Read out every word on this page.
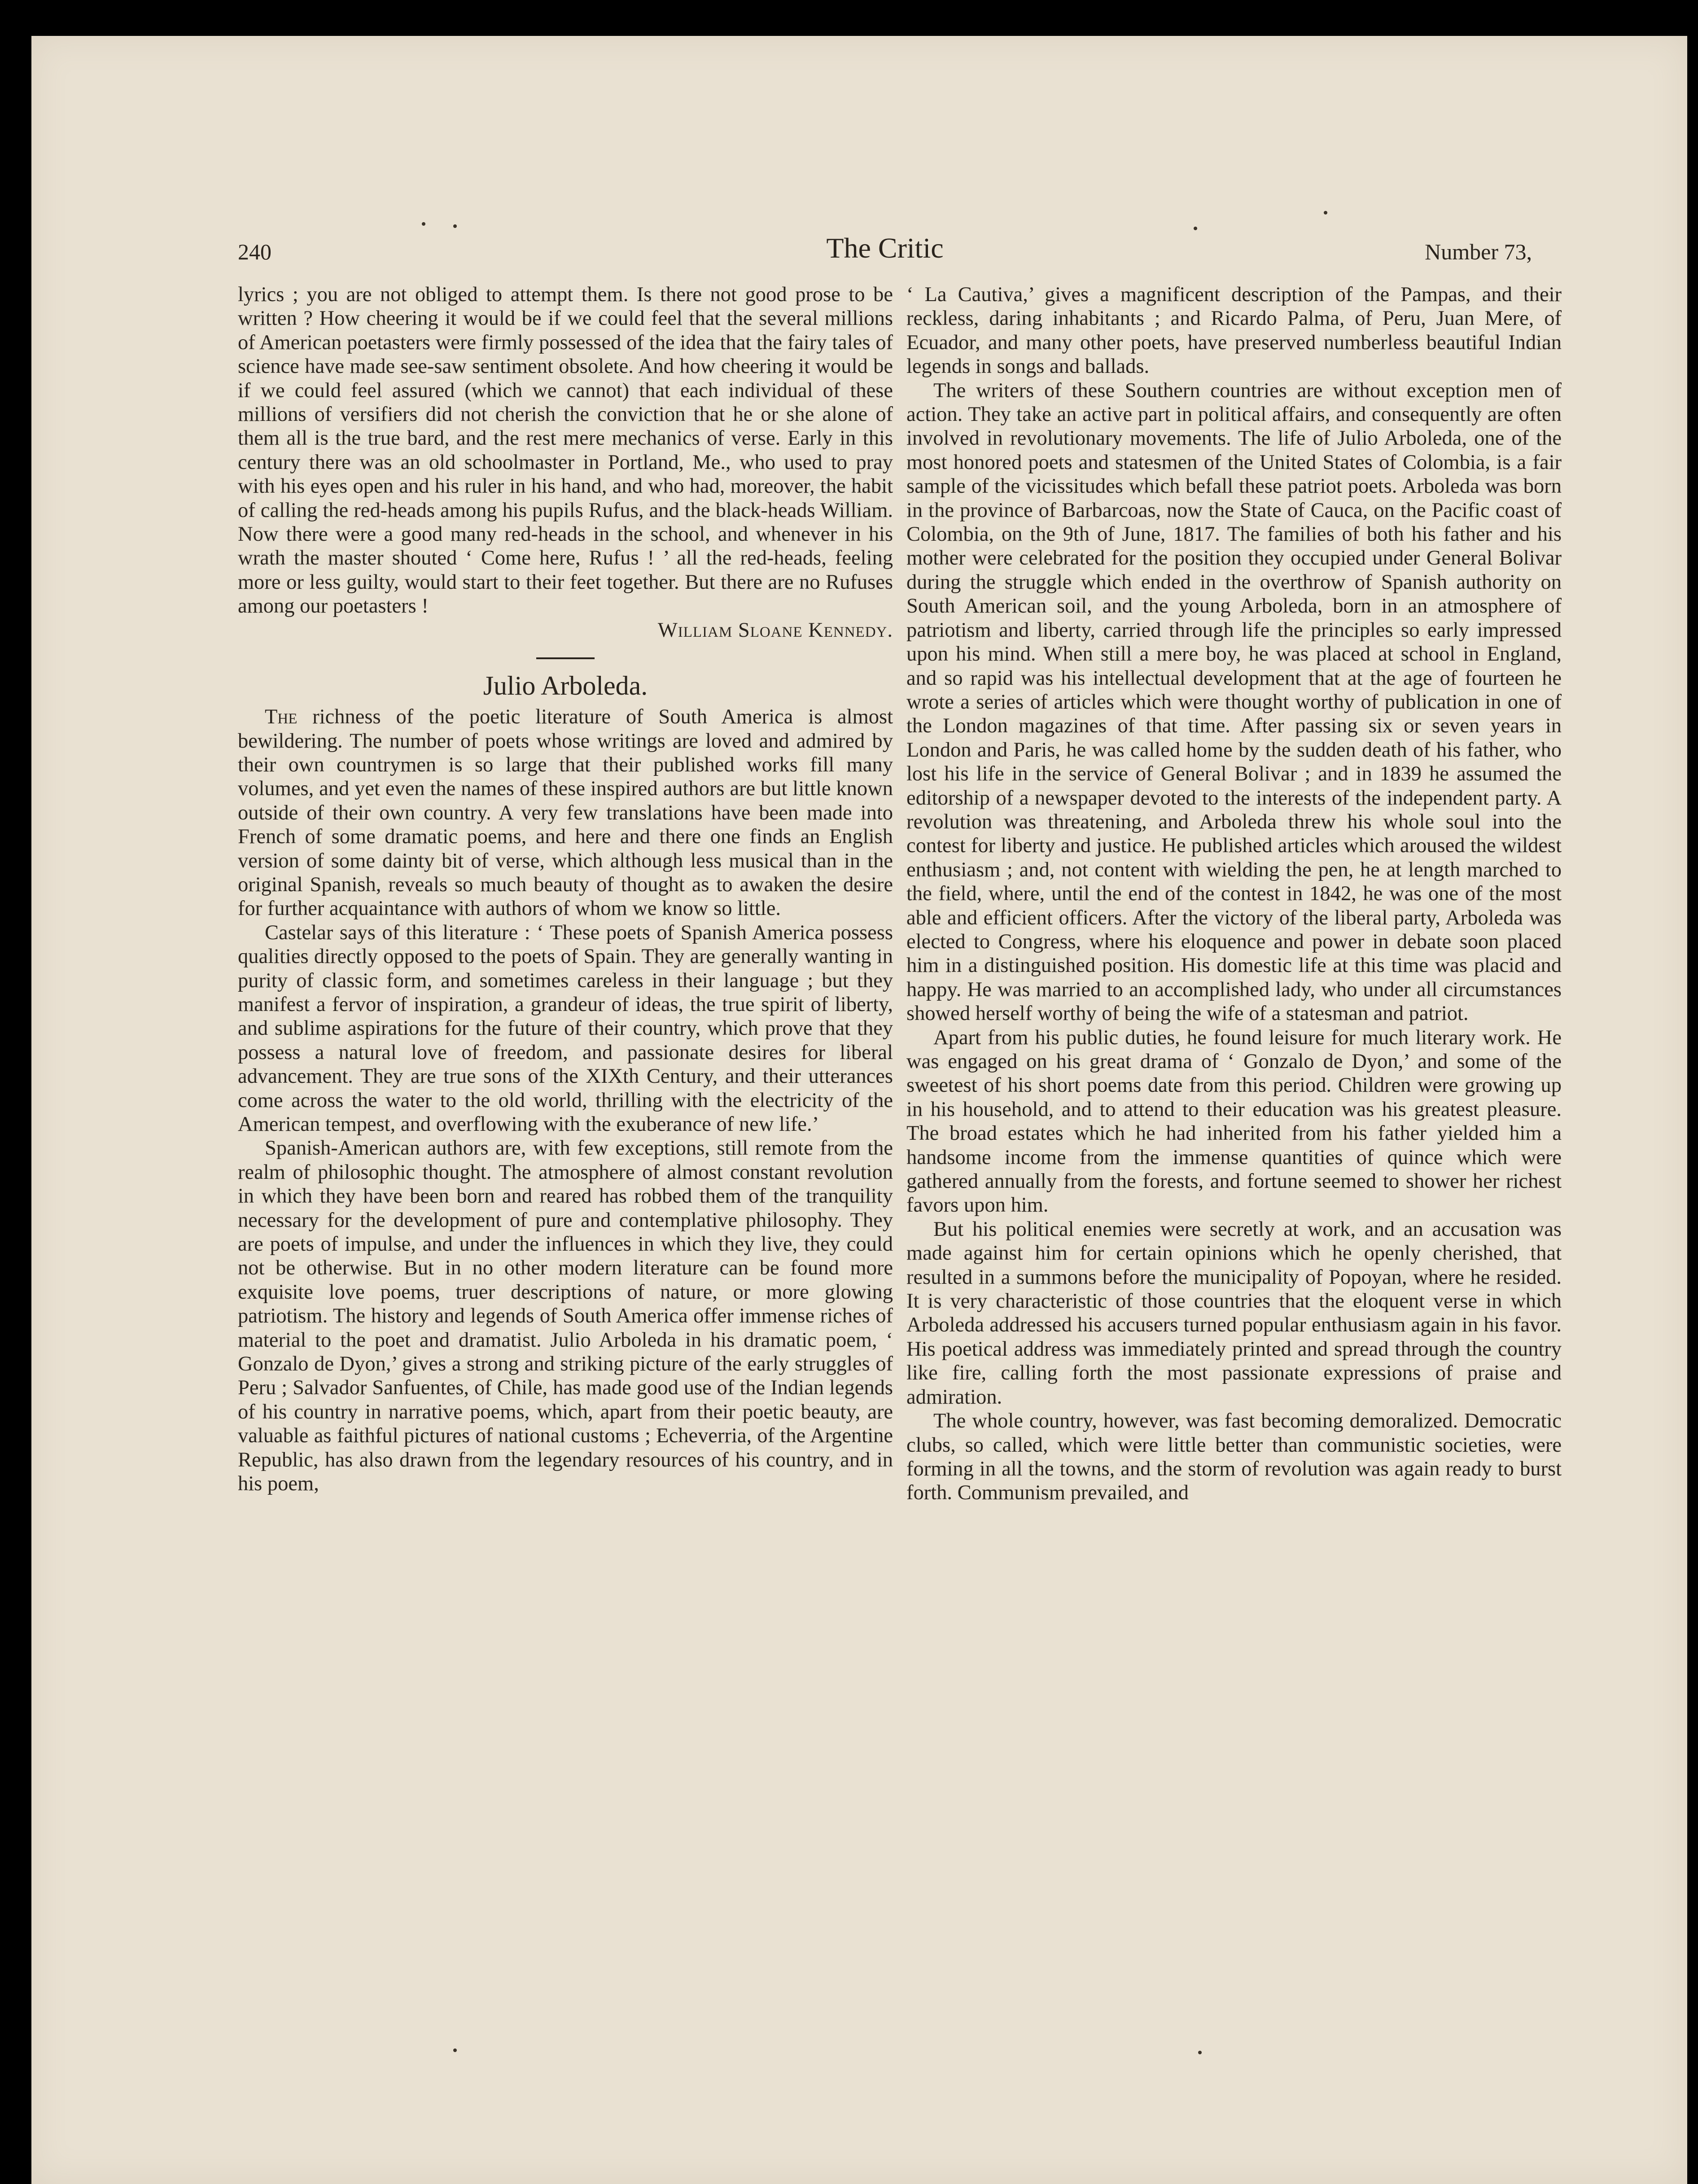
240	The Critic	Number 73,

lyrics ; you are not obliged to attempt them. Is there not good prose to be written ? How cheering it would be if we could feel that the several millions of American poetasters were firmly possessed of the idea that the fairy tales of science have made see-saw sentiment obsolete. And how cheering it would be if we could feel assured (which we cannot) that each individual of these millions of versifiers did not cherish the conviction that he or she alone of them all is the true bard, and the rest mere mechanics of verse. Early in this century there was an old schoolmaster in Portland, Me., who used to pray with his eyes open and his ruler in his hand, and who had, moreover, the habit of calling the red-heads among his pupils Rufus, and the black-heads William. Now there were a good many red-heads in the school, and whenever in his wrath the master shouted ‘ Come here, Rufus ! ’ all the red-heads, feeling more or less guilty, would start to their feet together. But there are no Rufuses among our poetasters !

William Sloane Kennedy.

Julio Arboleda.

The richness of the poetic literature of South America is almost bewildering. The number of poets whose writings are loved and admired by their own countrymen is so large that their published works fill many volumes, and yet even the names of these inspired authors are but little known outside of their own country. A very few translations have been made into French of some dramatic poems, and here and there one finds an English version of some dainty bit of verse, which although less musical than in the original Spanish, reveals so much beauty of thought as to awaken the desire for further acquaintance with authors of whom we know so little.

Castelar says of this literature : ‘ These poets of Spanish America possess qualities directly opposed to the poets of Spain. They are generally wanting in purity of classic form, and sometimes careless in their language ; but they manifest a fervor of inspiration, a grandeur of ideas, the true spirit of liberty, and sublime aspirations for the future of their country, which prove that they possess a natural love of freedom, and passionate desires for liberal advancement. They are true sons of the XIXth Century, and their utterances come across the water to the old world, thrilling with the electricity of the American tempest, and overflowing with the exuberance of new life.’

Spanish-American authors are, with few exceptions, still remote from the realm of philosophic thought. The atmosphere of almost constant revolution in which they have been born and reared has robbed them of the tranquility necessary for the development of pure and contemplative philosophy. They are poets of impulse, and under the influences in which they live, they could not be otherwise. But in no other modern literature can be found more exquisite love poems, truer descriptions of nature, or more glowing patriotism. The history and legends of South America offer immense riches of material to the poet and dramatist. Julio Arboleda in his dramatic poem, ‘ Gonzalo de Dyon,’ gives a strong and striking picture of the early struggles of Peru ; Salvador Sanfuentes, of Chile, has made good use of the Indian legends of his country in narrative poems, which, apart from their poetic beauty, are valuable as faithful pictures of national customs ; Echeverria, of the Argentine Republic, has also drawn from the legendary resources of his country, and in his poem,

‘ La Cautiva,’ gives a magnificent description of the Pampas, and their reckless, daring inhabitants ; and Ricardo Palma, of Peru, Juan Mere, of Ecuador, and many other poets, have preserved numberless beautiful Indian legends in songs and ballads.

The writers of these Southern countries are without exception men of action. They take an active part in political affairs, and consequently are often involved in revolutionary movements. The life of Julio Arboleda, one of the most honored poets and statesmen of the United States of Colombia, is a fair sample of the vicissitudes which befall these patriot poets. Arboleda was born in the province of Barbarcoas, now the State of Cauca, on the Pacific coast of Colombia, on the 9th of June, 1817. The families of both his father and his mother were celebrated for the position they occupied under General Bolivar during the struggle which ended in the overthrow of Spanish authority on South American soil, and the young Arboleda, born in an atmosphere of patriotism and liberty, carried through life the principles so early impressed upon his mind. When still a mere boy, he was placed at school in England, and so rapid was his intellectual development that at the age of fourteen he wrote a series of articles which were thought worthy of publication in one of the London magazines of that time. After passing six or seven years in London and Paris, he was called home by the sudden death of his father, who lost his life in the service of General Bolivar ; and in 1839 he assumed the editorship of a newspaper devoted to the interests of the independent party. A revolution was threatening, and Arboleda threw his whole soul into the contest for liberty and justice. He published articles which aroused the wildest enthusiasm ; and, not content with wielding the pen, he at length marched to the field, where, until the end of the contest in 1842, he was one of the most able and efficient officers. After the victory of the liberal party, Arboleda was elected to Congress, where his eloquence and power in debate soon placed him in a distinguished position. His domestic life at this time was placid and happy. He was married to an accomplished lady, who under all circumstances showed herself worthy of being the wife of a statesman and patriot.

Apart from his public duties, he found leisure for much literary work. He was engaged on his great drama of ‘ Gonzalo de Dyon,’ and some of the sweetest of his short poems date from this period. Children were growing up in his household, and to attend to their education was his greatest pleasure. The broad estates which he had inherited from his father yielded him a handsome income from the immense quantities of quince which were gathered annually from the forests, and fortune seemed to shower her richest favors upon him.

But his political enemies were secretly at work, and an accusation was made against him for certain opinions which he openly cherished, that resulted in a summons before the municipality of Popoyan, where he resided. It is very characteristic of those countries that the eloquent verse in which Arboleda addressed his accusers turned popular enthusiasm again in his favor. His poetical address was immediately printed and spread through the country like fire, calling forth the most passionate expressions of praise and admiration.

The whole country, however, was fast becoming demoralized. Democratic clubs, so called, which were little better than communistic societies, were forming in all the towns, and the storm of revolution was again ready to burst forth. Communism prevailed, and
